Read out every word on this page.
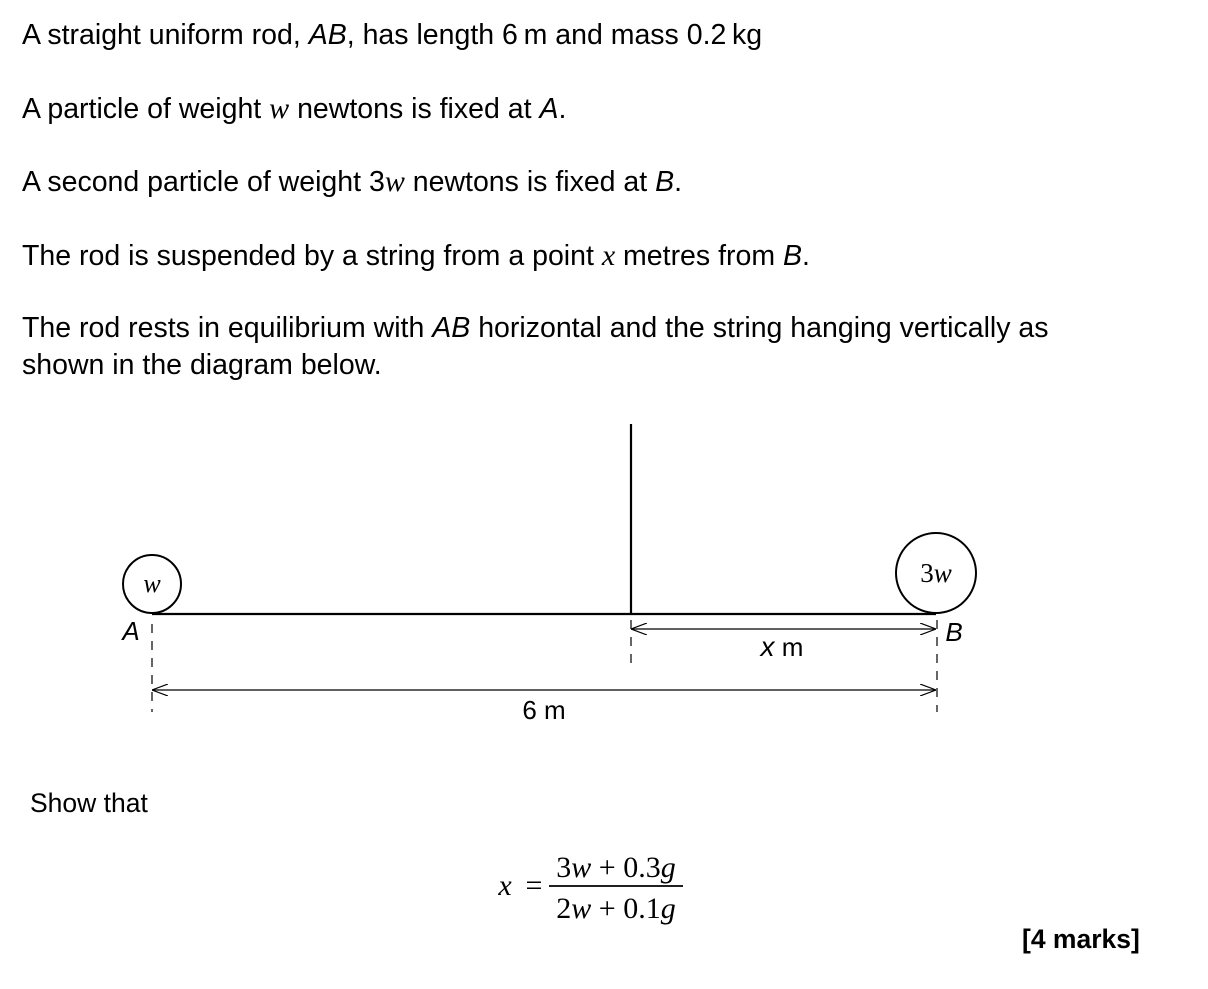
A straight uniform rod, AB, has length 6 m and mass 0.2 kg

A particle of weight w newtons is fixed at A.

A second particle of weight 3w newtons is fixed at B.

The rod is suspended by a string from a point x metres from B.

The rod rests in equilibrium with AB horizontal and the string hanging vertically as
shown in the diagram below.

w	3w
x m
6 m
A	B
x =
3w + 0.3g
2w + 0.1g

Show that

[4 marks]
